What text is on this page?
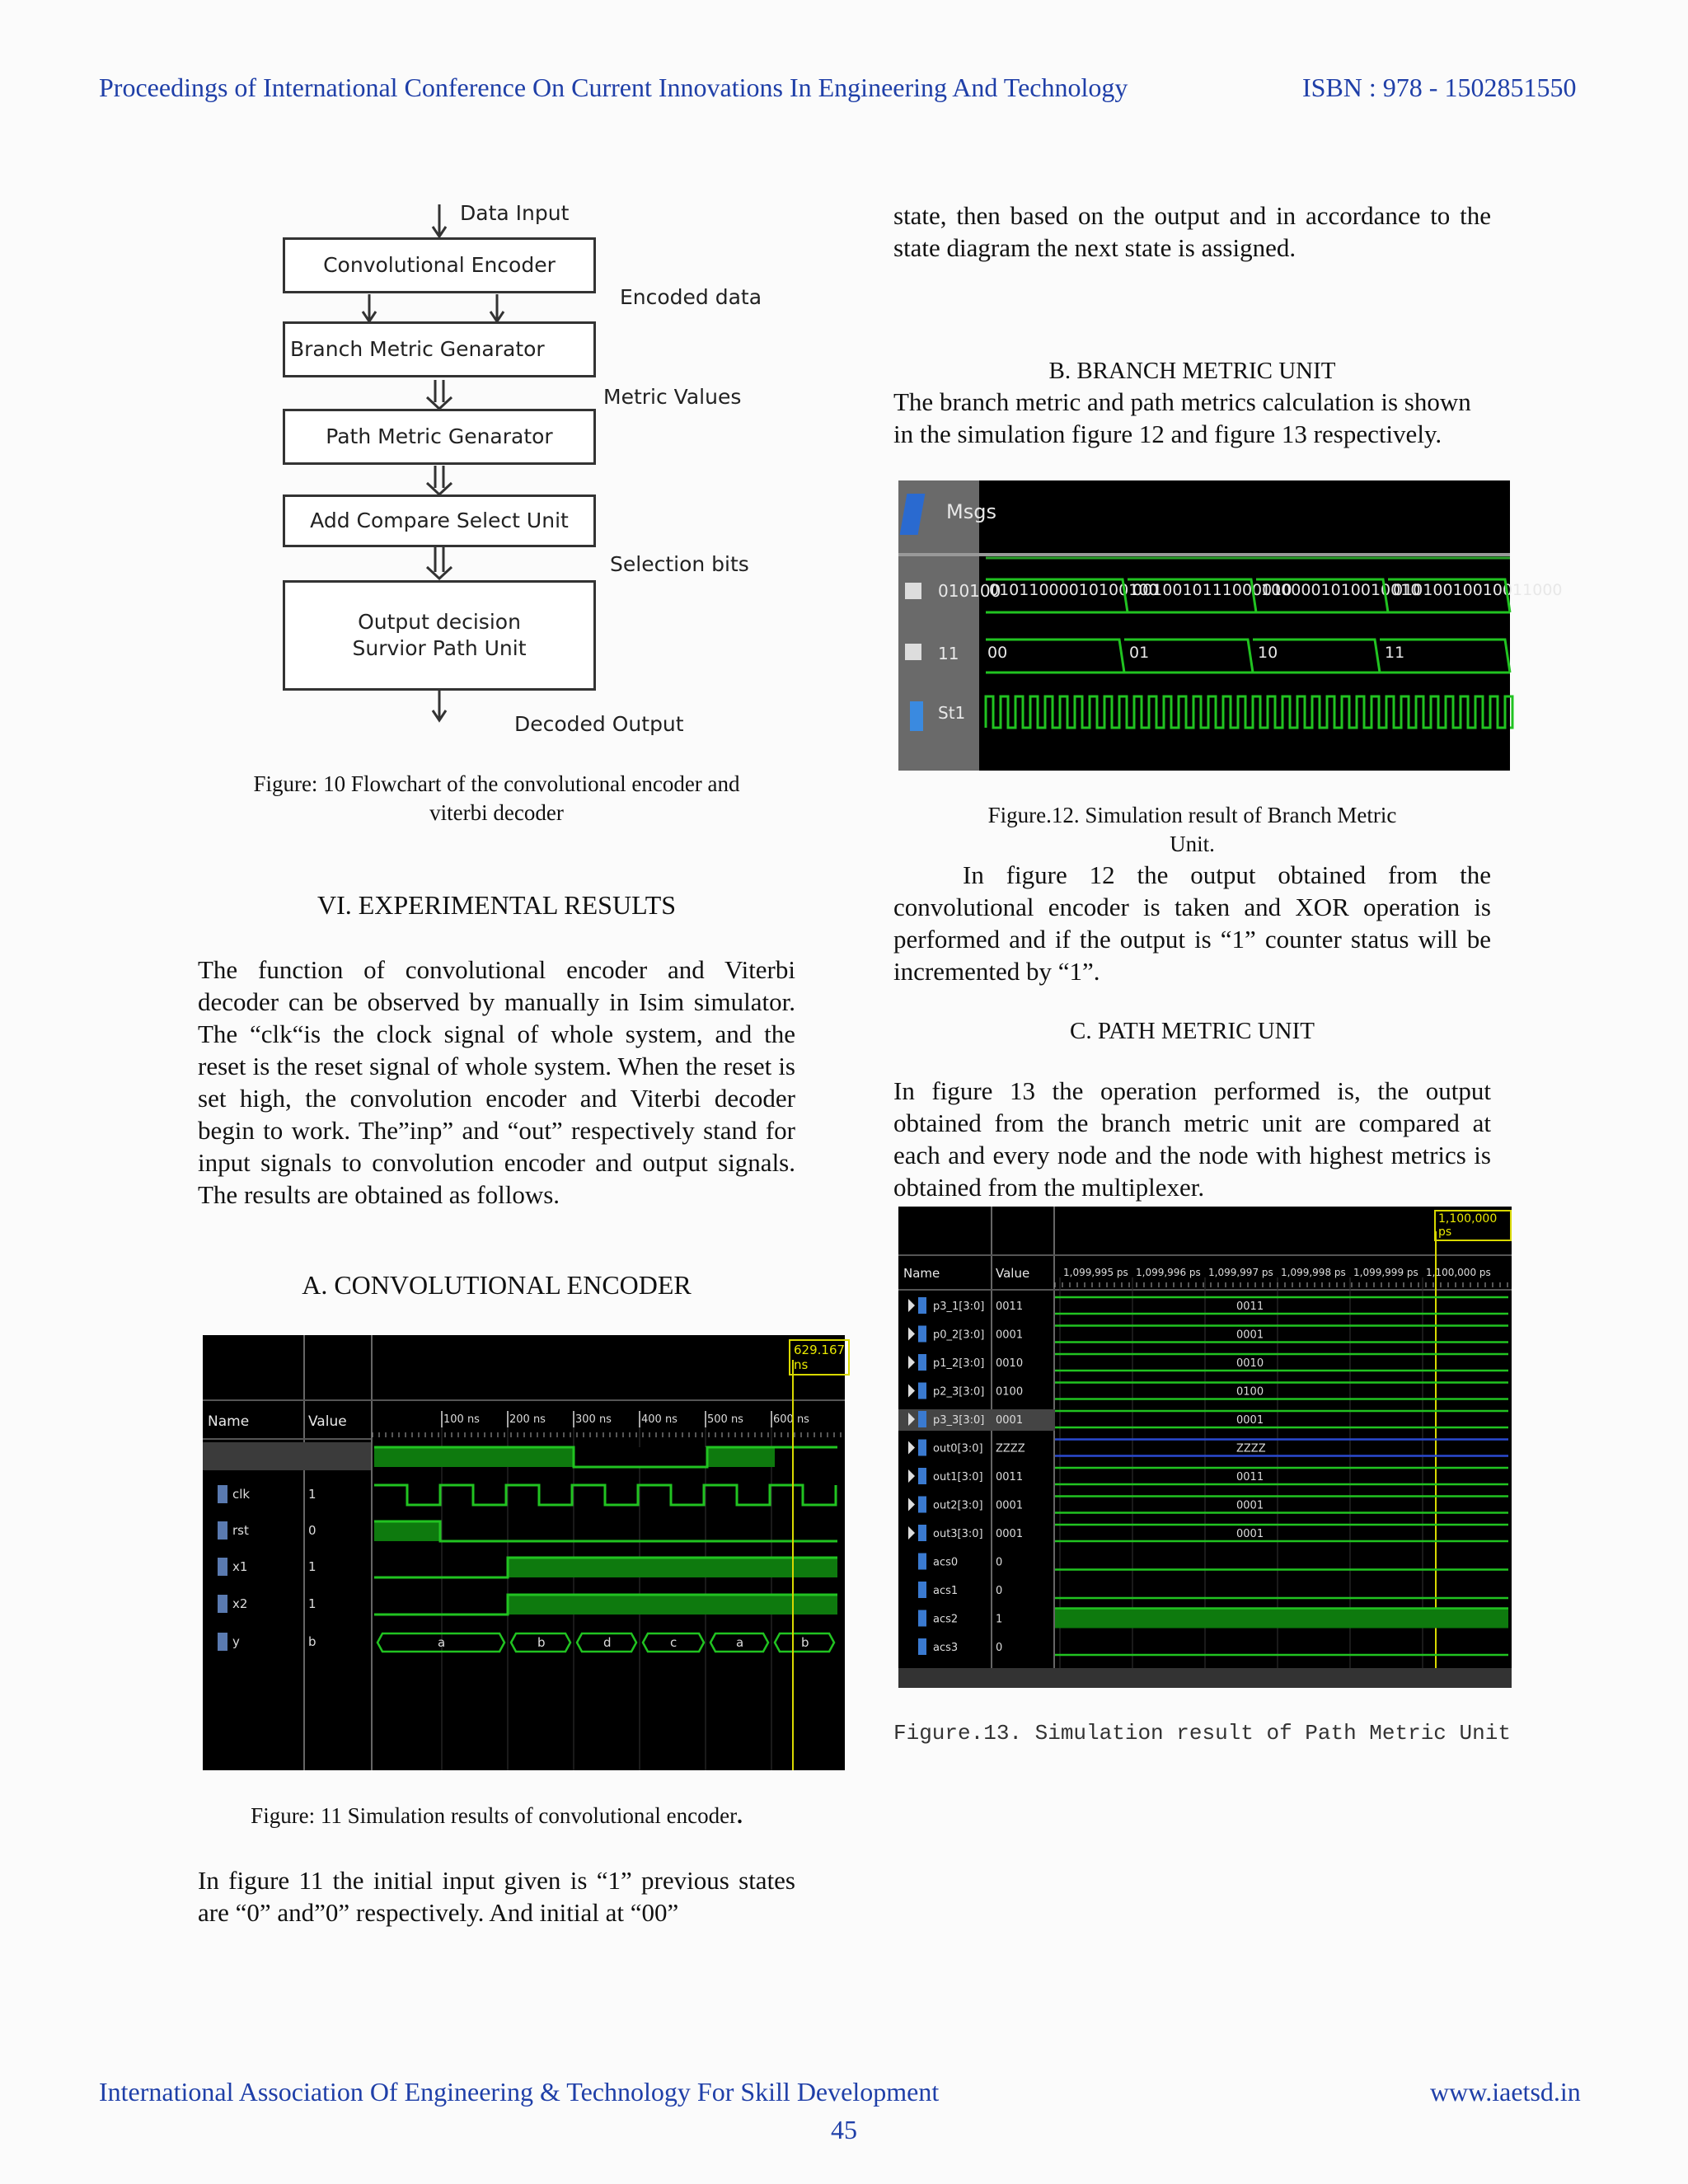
Proceedings of International Conference On Current Innovations In Engineering And Technology	ISBN : 978 - 1502851550
Data Input
Convolutional Encoder
Encoded data
Branch Metric Genarator
Metric Values
Path Metric Genarator
Add Compare Select Unit
Selection bits
Output decision
Survior Path Unit
Decoded Output
Figure: 10 Flowchart of the convolutional encoder and
viterbi decoder
VI. EXPERIMENTAL RESULTS
The function of convolutional encoder and Viterbi decoder can be observed by manually in Isim simulator. The “clk“is the clock signal of whole system, and the reset is the reset signal of whole system. When the reset is set high, the convolution encoder and Viterbi decoder begin to work. The”inp” and “out” respectively stand for input signals to convolution encoder and output signals. The results are obtained as follows.
A. CONVOLUTIONAL ENCODER
Name	Value
629.167 ns
100 ns	200 ns	300 ns	400 ns	500 ns	600 ns
clk	1
rst	0
x1	1
x2	1
y	b	a	b	d	c	a	b
Figure: 11 Simulation results of convolutional encoder.
In figure 11 the initial input given is “1” previous states are “0” and”0” respectively. And initial at “00”
state, then based on the output and in accordance to the state diagram the next state is assigned.
B. BRANCH METRIC UNIT
The branch metric and path metrics calculation is shown in the simulation figure 12 and figure 13 respectively.
Msgs
010100
11
St1
01011000010100100
0010010111000010
1000001010010010
01010010010011000
00	01	10	11
Figure.12. Simulation result of Branch Metric
Unit.
In figure 12 the output obtained from the convolutional encoder is taken and XOR operation is performed and if the output is “1” counter status will be incremented by “1”.
C. PATH METRIC UNIT
In figure 13 the operation performed is, the output obtained from the branch metric unit are compared at each and every node and the node with highest metrics is obtained from the multiplexer.
Name	Value
1,100,000 ps
1,099,995 ps 1,099,996 ps 1,099,997 ps 1,099,998 ps 1,099,999 ps 1,100,000 ps
p3_1[3:0] 0011	0011
p0_2[3:0] 0001	0001
p1_2[3:0] 0010	0010
p2_3[3:0] 0100	0100
p3_3[3:0] 0001	0001
out0[3:0] ZZZZ	ZZZZ
out1[3:0] 0011	0011
out2[3:0] 0001	0001
out3[3:0] 0001	0001
acs0	0
acs1	0
acs2	1
acs3	0
Figure.13. Simulation result of Path Metric Unit
International Association Of Engineering & Technology For Skill Development	www.iaetsd.in
45
